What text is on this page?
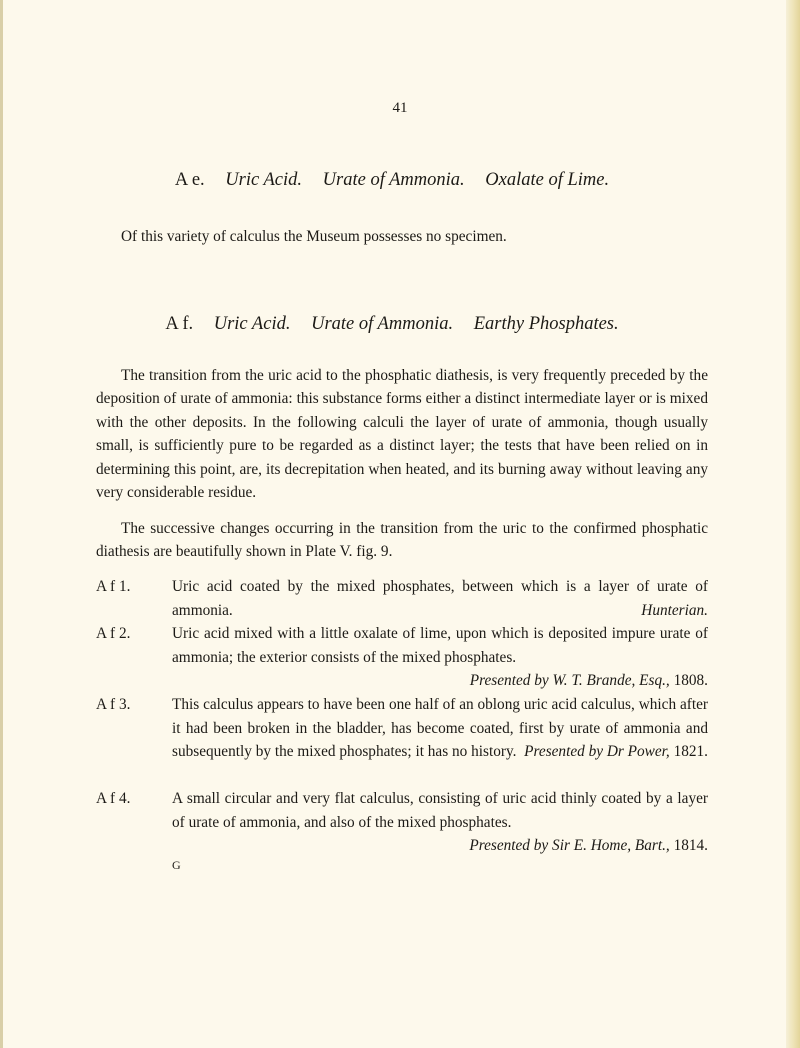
41
A e. Uric Acid. Urate of Ammonia. Oxalate of Lime.
Of this variety of calculus the Museum possesses no specimen.
A f. Uric Acid. Urate of Ammonia. Earthy Phosphates.
The transition from the uric acid to the phosphatic diathesis, is very frequently preceded by the deposition of urate of ammonia: this substance forms either a distinct intermediate layer or is mixed with the other deposits. In the following calculi the layer of urate of ammonia, though usually small, is sufficiently pure to be regarded as a distinct layer; the tests that have been relied on in determining this point, are, its decrepitation when heated, and its burning away without leaving any very considerable residue.
The successive changes occurring in the transition from the uric to the confirmed phosphatic diathesis are beautifully shown in Plate V. fig. 9.
A f 1.	Uric acid coated by the mixed phosphates, between which is a layer of urate of ammonia.	Hunterian.
A f 2.	Uric acid mixed with a little oxalate of lime, upon which is deposited impure urate of ammonia; the exterior consists of the mixed phosphates.
Presented by W. T. Brande, Esq., 1808.
A f 3.	This calculus appears to have been one half of an oblong uric acid calculus, which after it had been broken in the bladder, has become coated, first by urate of ammonia and subsequently by the mixed phosphates; it has no history. Presented by Dr Power, 1821.
A f 4.	A small circular and very flat calculus, consisting of uric acid thinly coated by a layer of urate of ammonia, and also of the mixed phosphates.
Presented by Sir E. Home, Bart., 1814.
G
